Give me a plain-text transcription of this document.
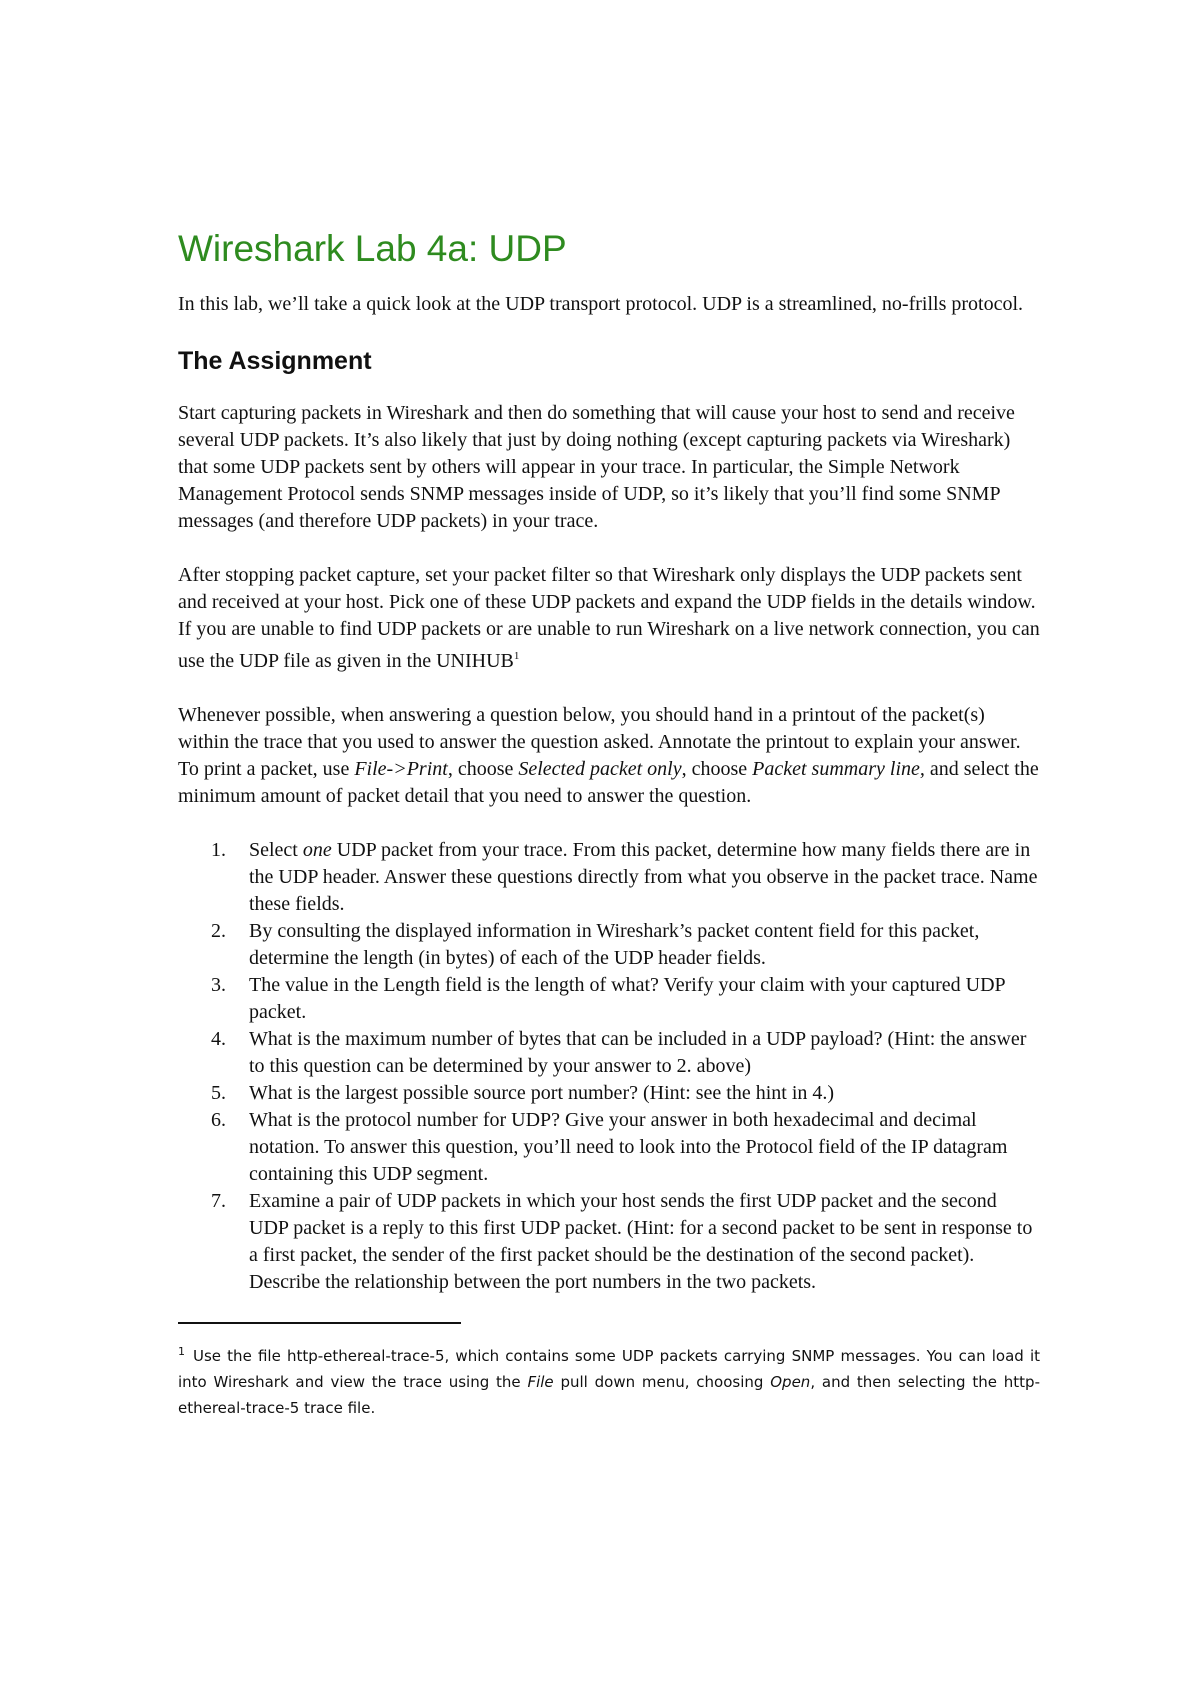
Wireshark Lab 4a: UDP

In this lab, we’ll take a quick look at the UDP transport protocol. UDP is a streamlined, no-frills protocol.

The Assignment

Start capturing packets in Wireshark and then do something that will cause your host to send and receive several UDP packets. It’s also likely that just by doing nothing (except capturing packets via Wireshark) that some UDP packets sent by others will appear in your trace. In particular, the Simple Network Management Protocol sends SNMP messages inside of UDP, so it’s likely that you’ll find some SNMP messages (and therefore UDP packets) in your trace.

After stopping packet capture, set your packet filter so that Wireshark only displays the UDP packets sent and received at your host. Pick one of these UDP packets and expand the UDP fields in the details window. If you are unable to find UDP packets or are unable to run Wireshark on a live network connection, you can use the UDP file as given in the UNIHUB$^1$

Whenever possible, when answering a question below, you should hand in a printout of the packet(s) within the trace that you used to answer the question asked. Annotate the printout to explain your answer. To print a packet, use File->Print, choose Selected packet only, choose Packet summary line, and select the minimum amount of packet detail that you need to answer the question.

1. Select one UDP packet from your trace. From this packet, determine how many fields there are in the UDP header. Answer these questions directly from what you observe in the packet trace. Name these fields.
2. By consulting the displayed information in Wireshark’s packet content field for this packet, determine the length (in bytes) of each of the UDP header fields.
3. The value in the Length field is the length of what? Verify your claim with your captured UDP packet.
4. What is the maximum number of bytes that can be included in a UDP payload? (Hint: the answer to this question can be determined by your answer to 2. above)
5. What is the largest possible source port number? (Hint: see the hint in 4.)
6. What is the protocol number for UDP? Give your answer in both hexadecimal and decimal notation. To answer this question, you’ll need to look into the Protocol field of the IP datagram containing this UDP segment.
7. Examine a pair of UDP packets in which your host sends the first UDP packet and the second UDP packet is a reply to this first UDP packet. (Hint: for a second packet to be sent in response to a first packet, the sender of the first packet should be the destination of the second packet). Describe the relationship between the port numbers in the two packets.

$^1$ Use the file http-ethereal-trace-5, which contains some UDP packets carrying SNMP messages. You can load it into Wireshark and view the trace using the File pull down menu, choosing Open, and then selecting the http-ethereal-trace-5 trace file.
